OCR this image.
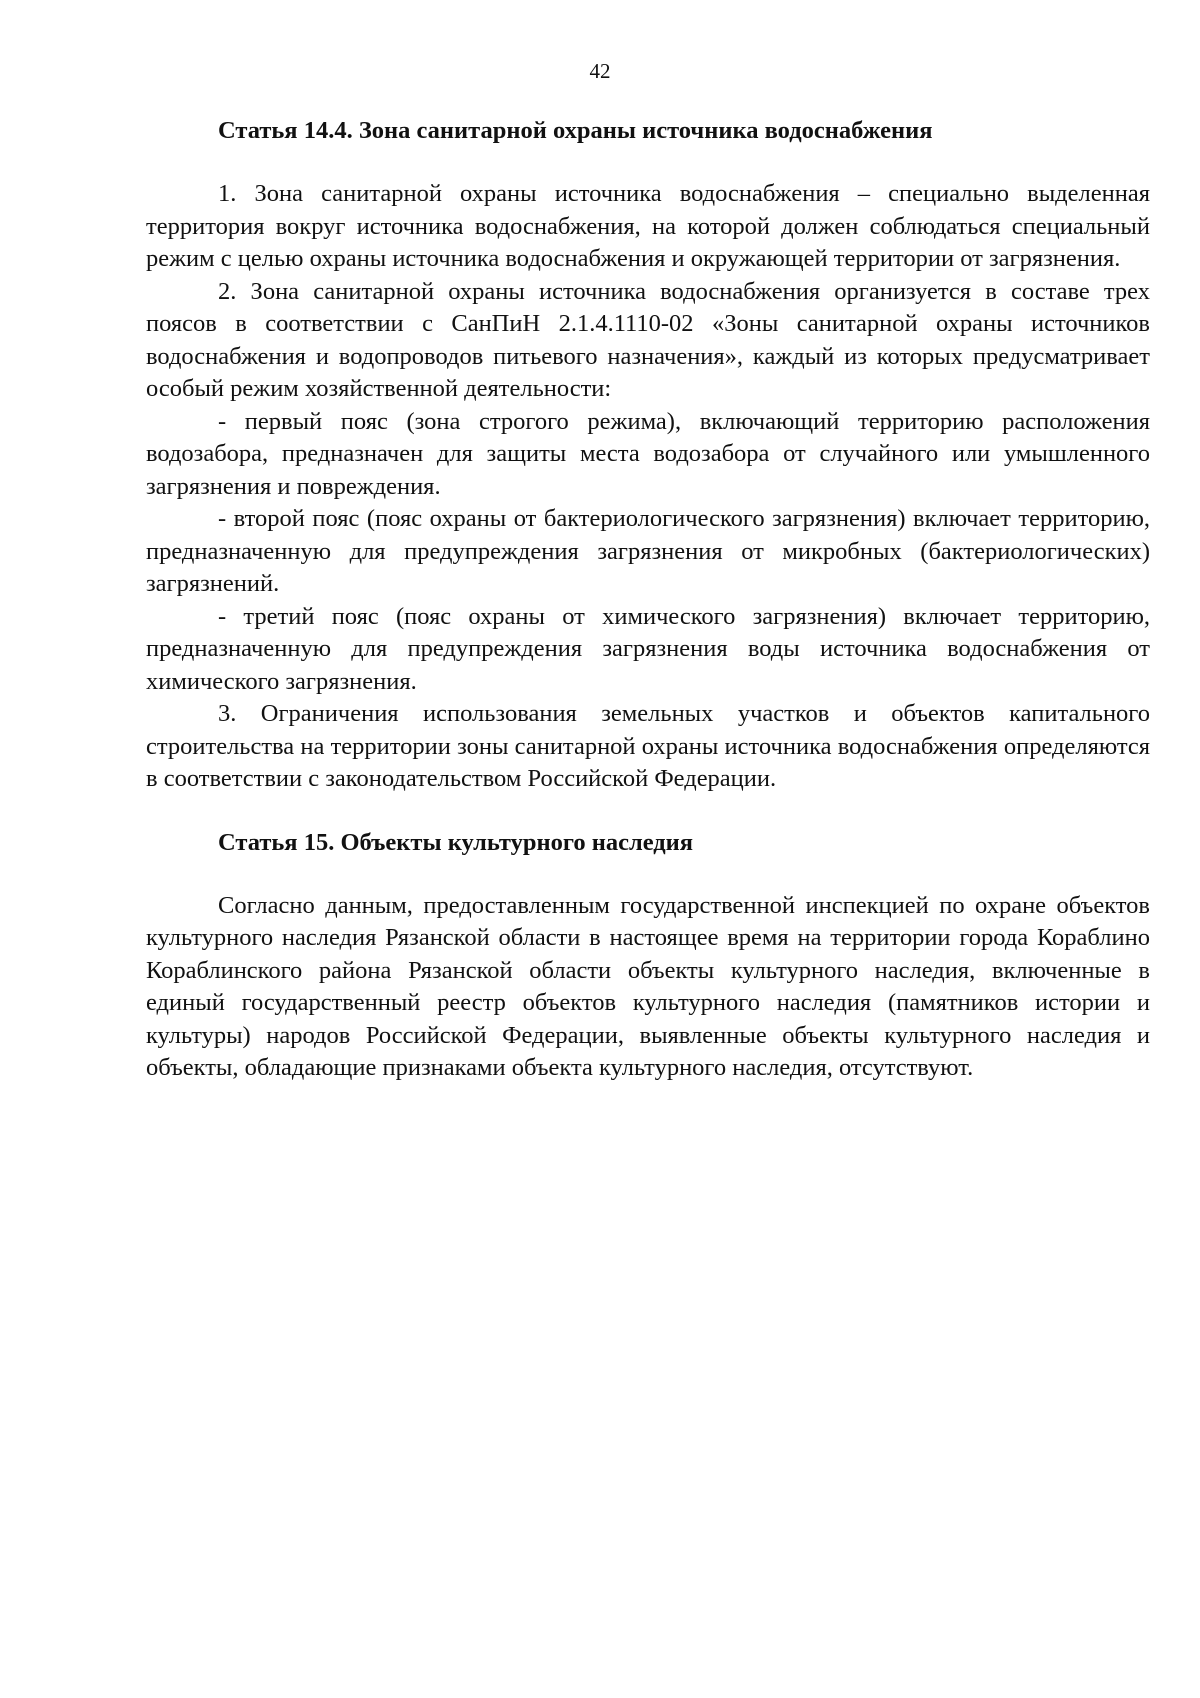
42
Статья 14.4. Зона санитарной охраны источника водоснабжения

1. Зона санитарной охраны источника водоснабжения – специально выделенная территория вокруг источника водоснабжения, на которой должен соблюдаться специальный режим с целью охраны источника водоснабжения и окружающей территории от загрязнения.

2. Зона санитарной охраны источника водоснабжения организуется в составе трех поясов в соответствии с СанПиН 2.1.4.1110-02 «Зоны санитарной охраны источников водоснабжения и водопроводов питьевого назначения», каждый из которых предусматривает особый режим хозяйственной деятельности:

- первый пояс (зона строгого режима), включающий территорию расположения водозабора, предназначен для защиты места водозабора от случайного или умышленного загрязнения и повреждения.

- второй пояс (пояс охраны от бактериологического загрязнения) включает территорию, предназначенную для предупреждения загрязнения от микробных (бактериологических) загрязнений.

- третий пояс (пояс охраны от химического загрязнения) включает территорию, предназначенную для предупреждения загрязнения воды источника водоснабжения от химического загрязнения.

3. Ограничения использования земельных участков и объектов капитального строительства на территории зоны санитарной охраны источника водоснабжения определяются в соответствии с законодательством Российской Федерации.

Статья 15. Объекты культурного наследия

Согласно данным, предоставленным государственной инспекцией по охране объектов культурного наследия Рязанской области в настоящее время на территории города Кораблино Кораблинского района Рязанской области объекты культурного наследия, включенные в единый государственный реестр объектов культурного наследия (памятников истории и культуры) народов Российской Федерации, выявленные объекты культурного наследия и объекты, обладающие признаками объекта культурного наследия, отсутствуют.
